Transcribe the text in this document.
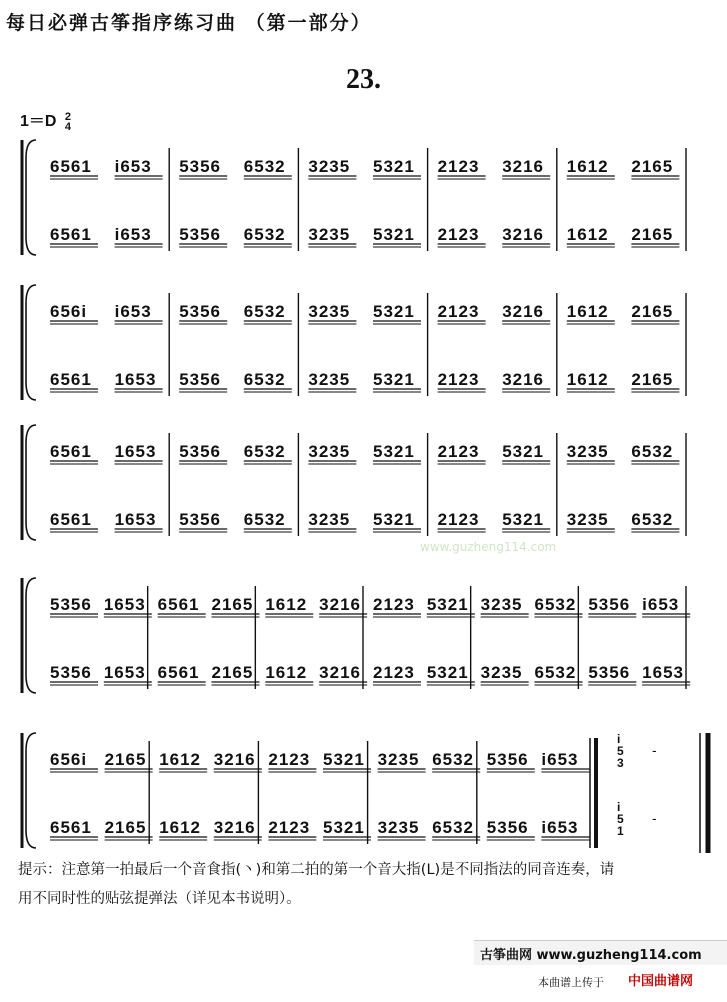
每日必弹古筝指序练习曲 （第一部分）
23.
1＝D 2
4
www.guzheng114.com
6561 i653
6561 i653
5356 6532
5356 6532
3235 5321
3235 5321
2123 3216
2123 3216
1612 2165
1612 2165
656i i653
6561 1653
5356 6532
5356 6532
3235 5321
3235 5321
2123 3216
2123 3216
1612 2165
1612 2165
6561 1653
6561 1653
5356 6532
5356 6532
3235 5321
3235 5321
2123 5321
2123 5321
3235 6532
3235 6532
5356 1653
5356 1653
6561 2165
6561 2165
1612 3216
1612 3216
2123 5321
2123 5321
3235 6532
3235 6532
5356 i653
5356 1653
656i 2165
6561 2165
1612 3216
1612 3216
2123 5321
2123 5321
3235 6532
3235 6532
5356 i653
5356 i653
i
5
3
-
i
5
1
-
提示：注意第一拍最后一个音食指(丶)和第二拍的第一个音大指(L)是不同指法的同音连奏，请
用不同时性的贴弦提弹法（详见本书说明）。
古筝曲网 www.guzheng114.com
本曲谱上传于 中国曲谱网
